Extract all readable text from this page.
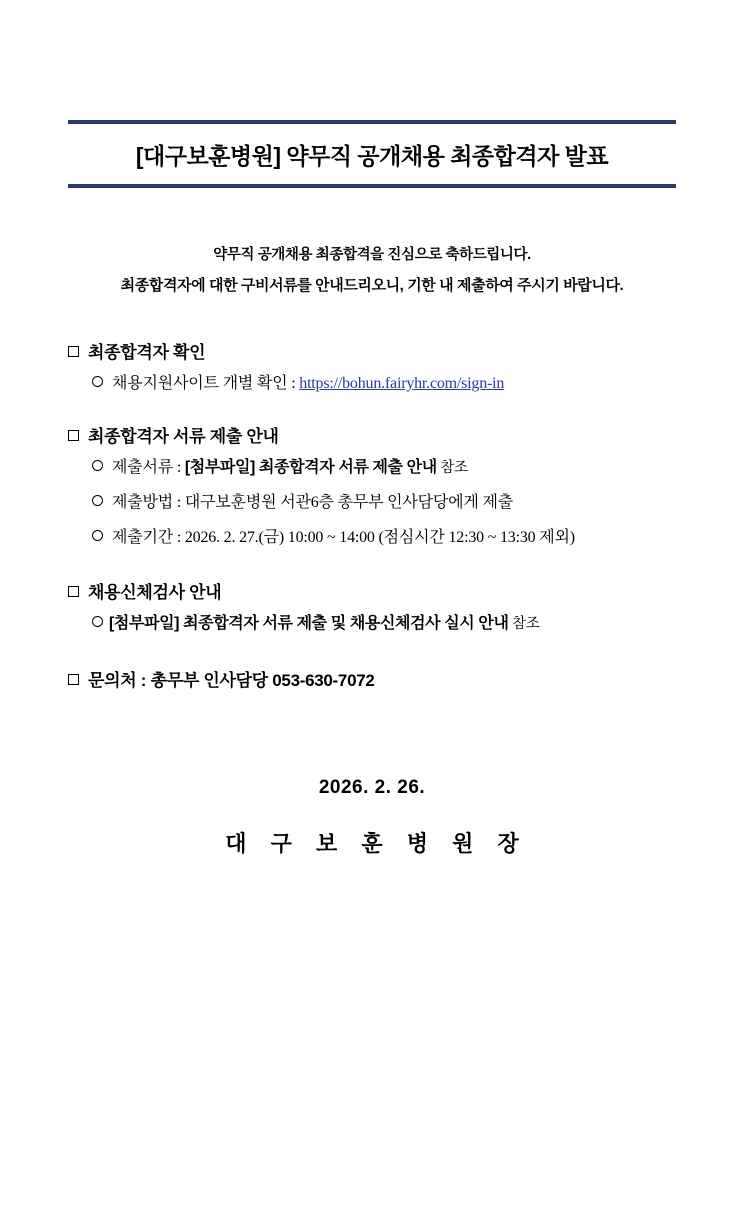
[대구보훈병원] 약무직 공개채용 최종합격자 발표
약무직 공개채용 최종합격을 진심으로 축하드립니다.
최종합격자에 대한 구비서류를 안내드리오니, 기한 내 제출하여 주시기 바랍니다.
최종합격자 확인
채용지원사이트 개별 확인 : https://bohun.fairyhr.com/sign-in
최종합격자 서류 제출 안내
제출서류 : [첨부파일] 최종합격자 서류 제출 안내 참조
제출방법 : 대구보훈병원 서관6층 총무부 인사담당에게 제출
제출기간 : 2026. 2. 27.(금) 10:00 ~ 14:00 (점심시간 12:30 ~ 13:30 제외)
채용신체검사 안내
[첨부파일] 최종합격자 서류 제출 및 채용신체검사 실시 안내 참조
문의처 : 총무부 인사담당 053-630-7072
2026. 2. 26.
대 구 보 훈 병 원 장
